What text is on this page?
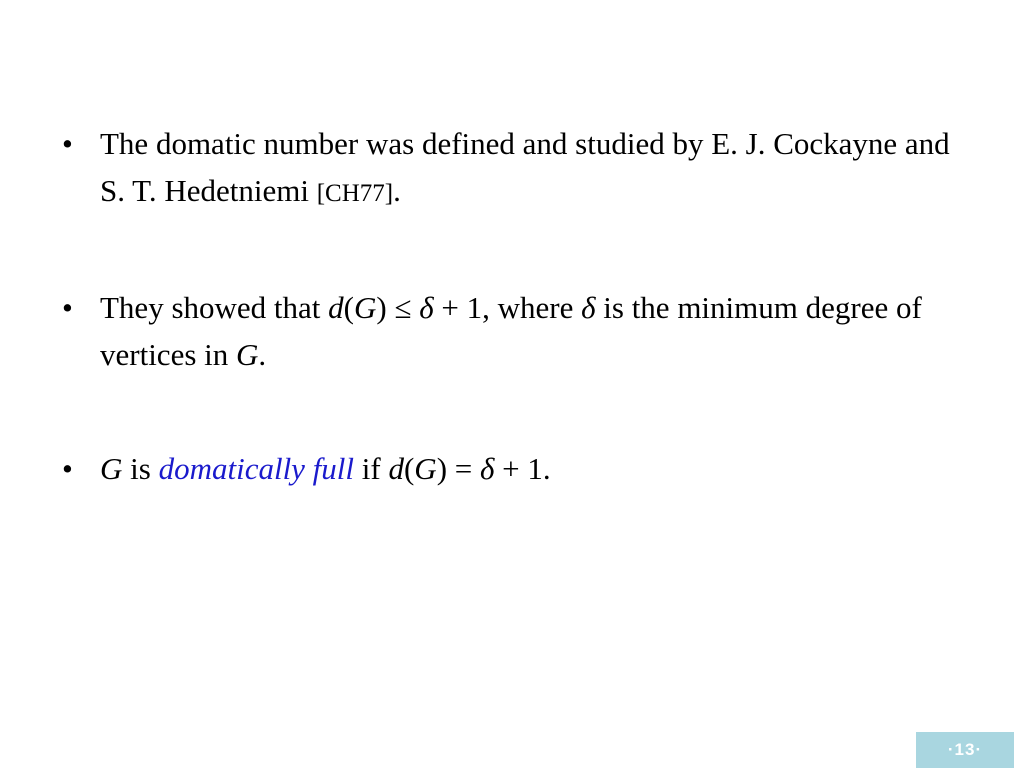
• The domatic number was defined and studied by E. J. Cockayne and S. T. Hedetniemi [CH77].
• They showed that d(G) ≤ δ + 1, where δ is the minimum degree of vertices in G.
• G is domatically full if d(G) = δ + 1.
·13·
